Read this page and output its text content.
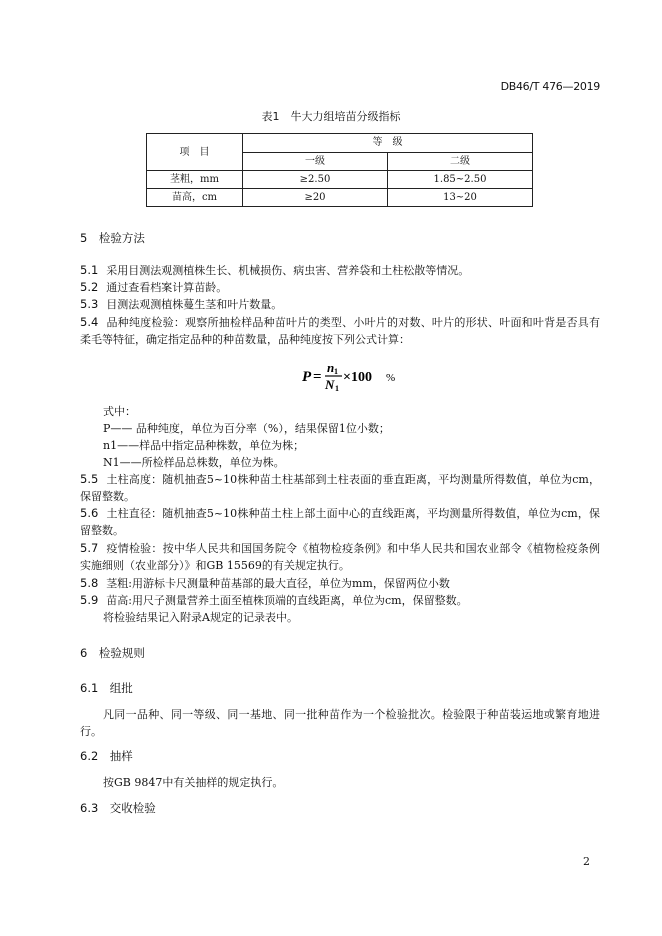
DB46/T 476—2019
表1　牛大力组培苗分级指标
项　目	等　级	
	一级	二级
茎粗，mm	≥2.50	1.85~2.50
苗高，cm	≥20	13~20
5　检验方法
5.1 采用目测法观测植株生长、机械损伤、病虫害、营养袋和土柱松散等情况。
5.2 通过查看档案计算苗龄。
5.3 目测法观测植株蔓生茎和叶片数量。
5.4 品种纯度检验：观察所抽检样品种苗叶片的类型、小叶片的对数、叶片的形状、叶面和叶背是否具有柔毛等特征，确定指定品种的种苗数量，品种纯度按下列公式计算：
P =
n 1
N 1
×100 %
式中：
P—— 品种纯度，单位为百分率（%），结果保留1位小数；
n1——样品中指定品种株数，单位为株；
N1——所检样品总株数，单位为株。
5.5 土柱高度：随机抽查5~10株种苗土柱基部到土柱表面的垂直距离，平均测量所得数值，单位为cm，保留整数。
5.6 土柱直径：随机抽查5~10株种苗土柱上部土面中心的直线距离，平均测量所得数值，单位为cm，保留整数。
5.7 疫情检验：按中华人民共和国国务院令《植物检疫条例》和中华人民共和国农业部令《植物检疫条例实施细则（农业部分）》和GB 15569的有关规定执行。
5.8 茎粗:用游标卡尺测量种苗基部的最大直径，单位为mm，保留两位小数
5.9 苗高:用尺子测量营养土面至植株顶端的直线距离，单位为cm，保留整数。
将检验结果记入附录A规定的记录表中。
6　检验规则
6.1　组批
凡同一品种、同一等级、同一基地、同一批种苗作为一个检验批次。检验限于种苗装运地或繁育地进行。
6.2　抽样
按GB 9847中有关抽样的规定执行。
6.3　交收检验
2
